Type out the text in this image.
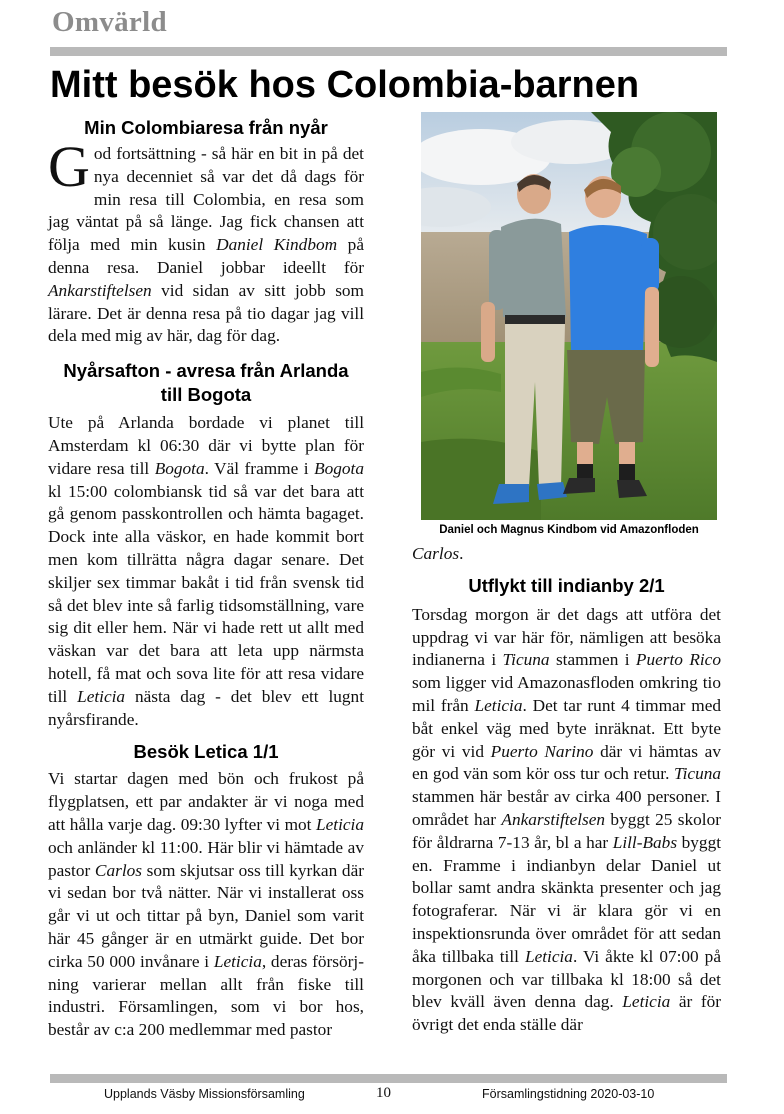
Omvärld
Mitt besök hos Colombia-barnen
Min Colombiaresa från nyår

God fortsättning - så här en bit in på det nya decenniet så var det då dags för min resa till Colombia, en resa som jag väntat på så länge. Jag fick chansen att följa med min kusin Daniel Kindbom på denna resa. Daniel jobbar ideellt för Ankarstiftelsen vid sidan av sitt jobb som lärare. Det är denna resa på tio dagar jag vill dela med mig av här, dag för dag.

Nyårsafton - avresa från Arlanda till Bogota

Ute på Arlanda bordade vi planet till Amsterdam kl 06:30 där vi bytte plan för vidare resa till Bogota. Väl framme i Bogota kl 15:00 colombiansk tid så var det bara att gå genom passkontrollen och hämta bagaget. Dock inte alla väskor, en hade kommit bort men kom tillrätta några dagar senare. Det skiljer sex timmar bakåt i tid från svensk tid så det blev inte så farlig tidsomställning, vare sig dit eller hem. När vi hade rett ut allt med väskan var det bara att leta upp närmsta hotell, få mat och sova lite för att resa vidare till Leticia nästa dag - det blev ett lugnt nyårsfirande.

Besök Letica 1/1

Vi startar dagen med bön och frukost på flygplatsen, ett par andakter är vi noga med att hålla varje dag. 09:30 lyfter vi mot Leticia och anländer kl 11:00. Här blir vi hämtade av pastor Carlos som skjutsar oss till kyrkan där vi sedan bor två nätter. När vi installerat oss går vi ut och tittar på byn, Daniel som varit här 45 gånger är en utmärkt guide. Det bor cirka 50 000 invånare i Leticia, deras försörjning varierar mellan allt från fiske till industri. Församlingen, som vi bor hos, består av c:a 200 medlemmar med pastor

Daniel och Magnus Kindbom vid Amazonfloden

Carlos.

Utflykt till indianby 2/1

Torsdag morgon är det dags att utföra det uppdrag vi var här för, nämligen att besöka indianerna i Ticuna stammen i Puerto Rico som ligger vid Amazonasfloden omkring tio mil från Leticia. Det tar runt 4 timmar med båt enkel väg med byte inräknat. Ett byte gör vi vid Puerto Narino där vi hämtas av en god vän som kör oss tur och retur. Ticuna stammen här består av cirka 400 personer. I området har Ankarstiftelsen byggt 25 skolor för åldrarna 7-13 år, bl a har Lill-Babs byggt en. Framme i indianbyn delar Daniel ut bollar samt andra skänkta presenter och jag fotograferar. När vi är klara gör vi en inspektionsrunda över området för att sedan åka tillbaka till Leticia. Vi åkte kl 07:00 på morgonen och var tillbaka kl 18:00 så det blev kväll även denna dag. Leticia är för övrigt det enda ställe där

Upplands Väsby Missionsförsamling	10	Församlingstidning 2020-03-10
